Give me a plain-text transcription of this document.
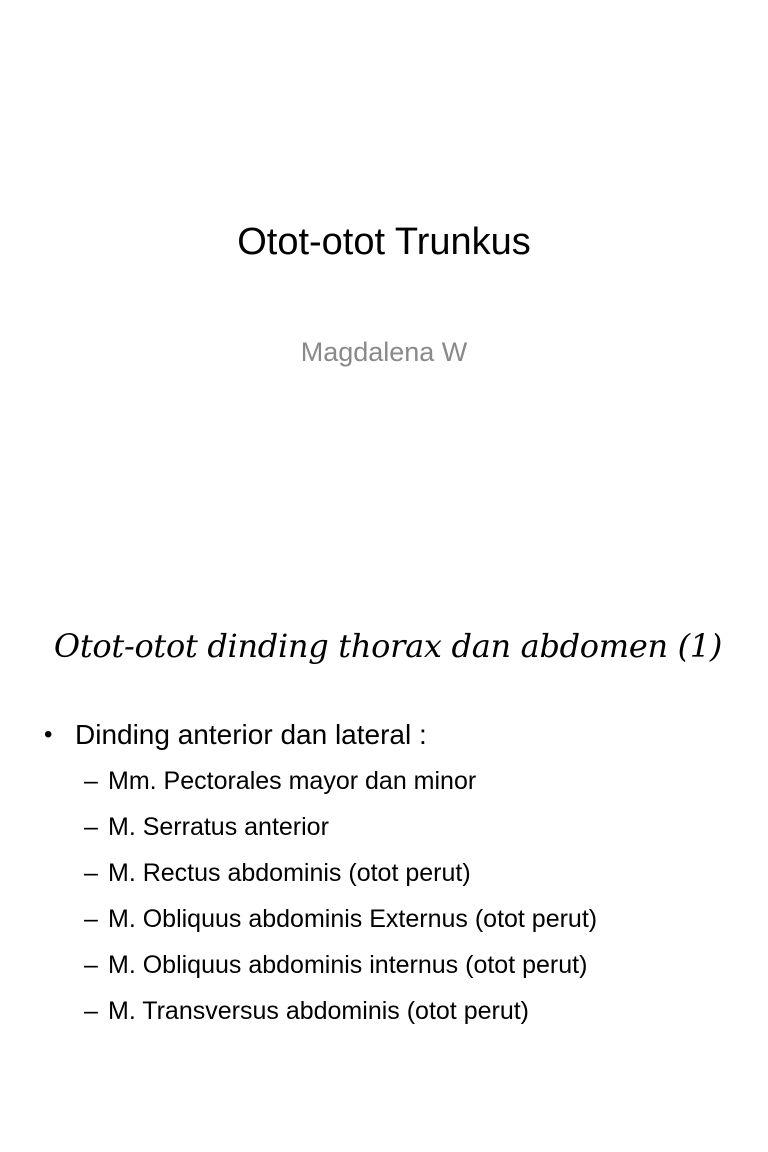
Otot-otot Trunkus
Magdalena W
Otot-otot dinding thorax dan abdomen (1)
• Dinding anterior dan lateral :
– Mm. Pectorales mayor dan minor
– M. Serratus anterior
– M. Rectus abdominis (otot perut)
– M. Obliquus abdominis Externus (otot perut)
– M. Obliquus abdominis internus (otot perut)
– M. Transversus abdominis (otot perut)
